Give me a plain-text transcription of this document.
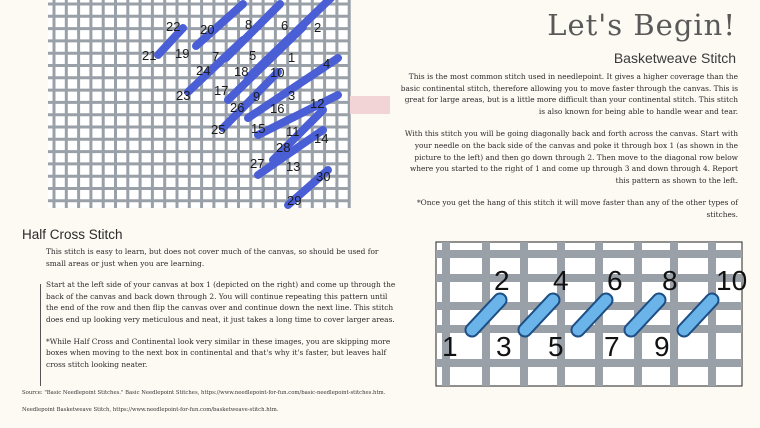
22 20 8 6 2
21 19 7 5 1 4
24 18 10
23 17 9 3
26 16 12
25 15 11
28
14
27 13
30
29
Let's Begin!
Basketweave Stitch

This is the most common stitch used in needlepoint. It gives a higher coverage than the basic continental stitch, therefore allowing you to move faster through the canvas. This is great for large areas, but is a little more difficult than your continental stitch. This stitch is also known for being able to handle wear and tear.

With this stitch you will be going diagonally back and forth across the canvas. Start with your needle on the back side of the canvas and poke it through box 1 (as shown in the picture to the left) and then go down through 2. Then move to the diagonal row below where you started to the right of 1 and come up through 3 and down through 4. Report this pattern as shown to the left.

*Once you get the hang of this stitch it will move faster than any of the other types of stitches.

Half Cross Stitch

This stitch is easy to learn, but does not cover much of the canvas, so should be used for small areas or just when you are learning.

Start at the left side of your canvas at box 1 (depicted on the right) and come up through the back of the canvas and back down through 2. You will continue repeating this pattern until the end of the row and then flip the canvas over and continue down the next line. This stitch does end up looking very meticulous and neat, it just takes a long time to cover larger areas.

*While Half Cross and Continental look very similar in these images, you are skipping more boxes when moving to the next box in continental and that's why it's faster, but leaves half cross stitch looking neater.

2 4 6 8 10
1 3 5 7 9

Source: "Basic Needlepoint Stitches." Basic Needlepoint Stitches, https://www.needlepoint-for-fun.com/basic-needlepoint-stitches.htm.

Needlepoint Basketweave Stitch, https://www.needlepoint-for-fun.com/basketweave-stitch.htm.
